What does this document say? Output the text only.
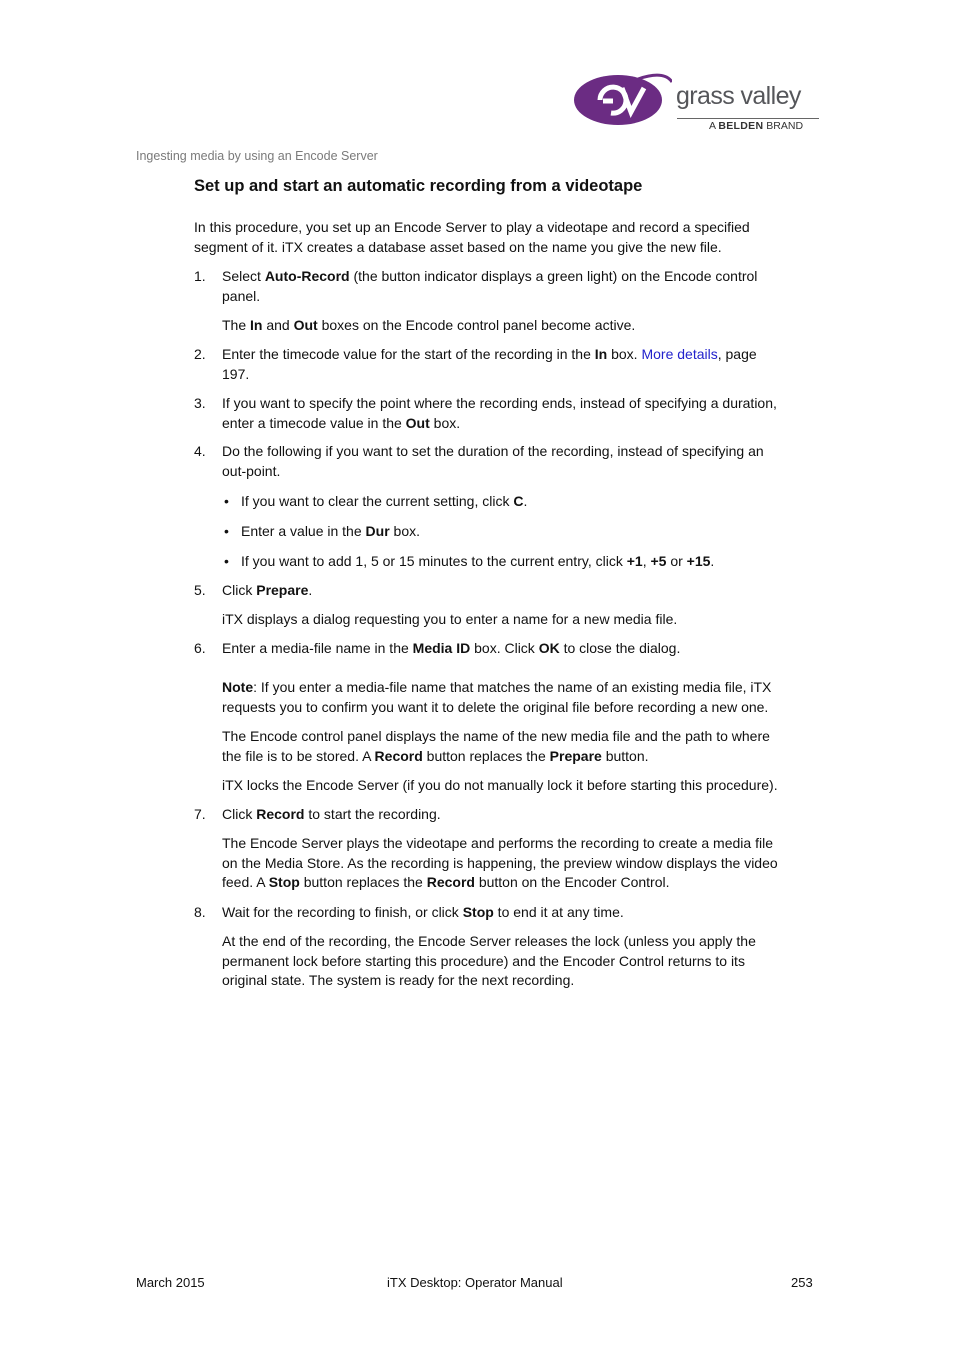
grass valley
A BELDEN BRAND
Ingesting media by using an Encode Server
Set up and start an automatic recording from a videotape
In this procedure, you set up an Encode Server to play a videotape and record a specified
segment of it. iTX creates a database asset based on the name you give the new file.
1. Select Auto-Record (the button indicator displays a green light) on the Encode control
panel.
The In and Out boxes on the Encode control panel become active.
2. Enter the timecode value for the start of the recording in the In box. More details, page
197.
3. If you want to specify the point where the recording ends, instead of specifying a duration,
enter a timecode value in the Out box.
4. Do the following if you want to set the duration of the recording, instead of specifying an
out-point.
• If you want to clear the current setting, click C.
• Enter a value in the Dur box.
• If you want to add 1, 5 or 15 minutes to the current entry, click +1, +5 or +15.
5. Click Prepare.
iTX displays a dialog requesting you to enter a name for a new media file.
6. Enter a media-file name in the Media ID box. Click OK to close the dialog.
Note: If you enter a media-file name that matches the name of an existing media file, iTX
requests you to confirm you want it to delete the original file before recording a new one.
The Encode control panel displays the name of the new media file and the path to where
the file is to be stored. A Record button replaces the Prepare button.
iTX locks the Encode Server (if you do not manually lock it before starting this procedure).
7. Click Record to start the recording.
The Encode Server plays the videotape and performs the recording to create a media file
on the Media Store. As the recording is happening, the preview window displays the video
feed. A Stop button replaces the Record button on the Encoder Control.
8. Wait for the recording to finish, or click Stop to end it at any time.
At the end of the recording, the Encode Server releases the lock (unless you apply the
permanent lock before starting this procedure) and the Encoder Control returns to its
original state. The system is ready for the next recording.
March 2015	iTX Desktop: Operator Manual	253
